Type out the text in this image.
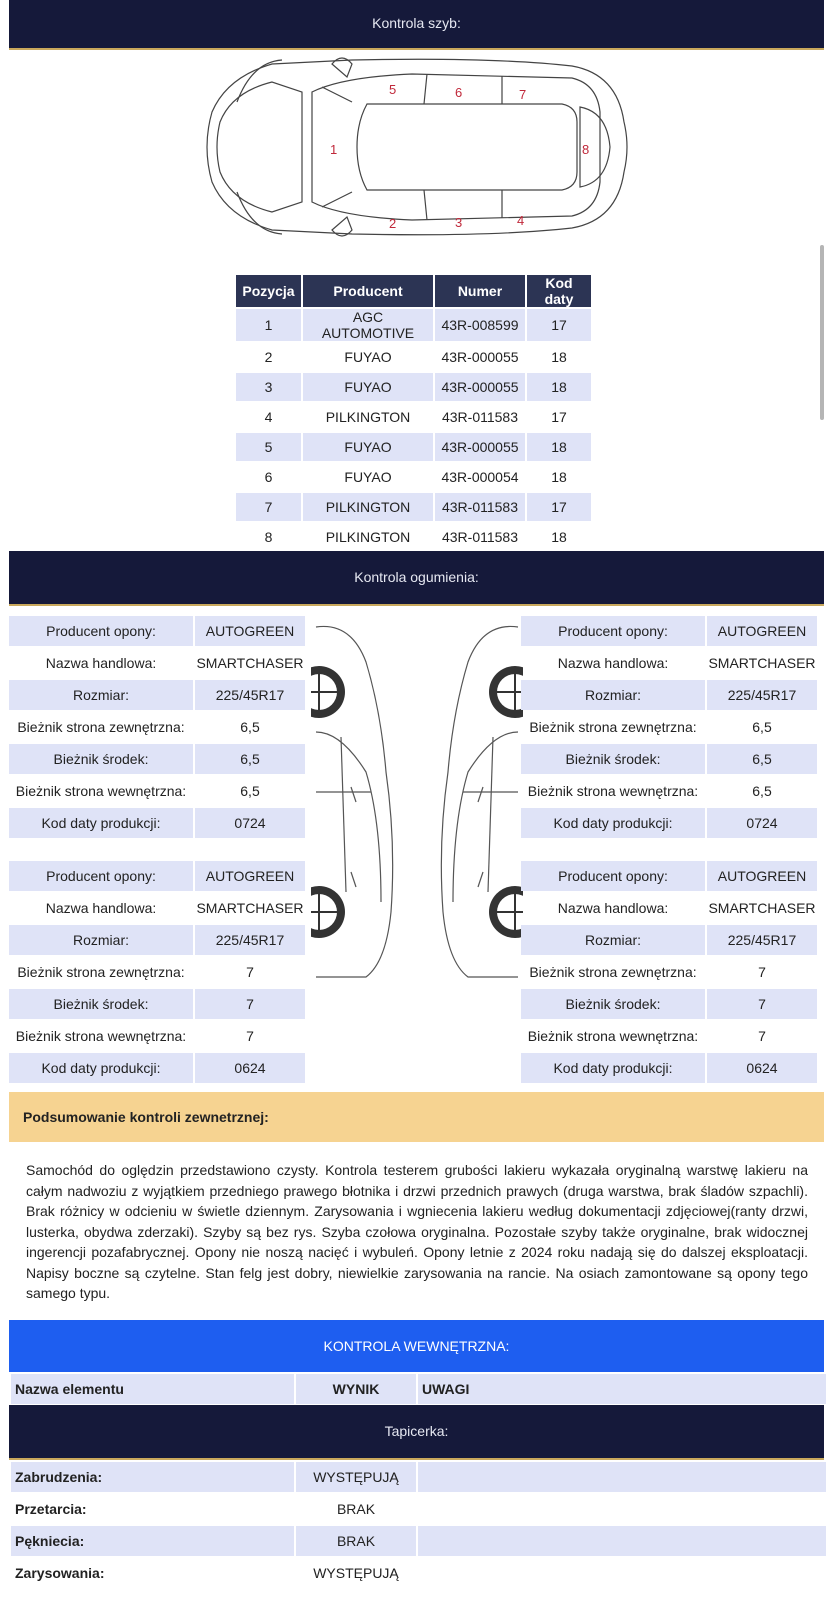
Kontrola szyb:
1
2	3	4
5	6	7
8
Pozycja	Producent	Numer	Kod daty
1	AGC AUTOMOTIVE	43R-008599	17
2	FUYAO	43R-000055	18
3	FUYAO	43R-000055	18
4	PILKINGTON	43R-011583	17
5	FUYAO	43R-000055	18
6	FUYAO	43R-000054	18
7	PILKINGTON	43R-011583	17
8	PILKINGTON	43R-011583	18
Kontrola ogumienia:
Producent opony:	AUTOGREEN
Nazwa handlowa:	SMARTCHASER
Rozmiar:	225/45R17
Bieżnik strona zewnętrzna:	6,5
Bieżnik środek:	6,5
Bieżnik strona wewnętrzna:	6,5
Kod daty produkcji:	0724
Producent opony:	AUTOGREEN
Nazwa handlowa:	SMARTCHASER
Rozmiar:	225/45R17
Bieżnik strona zewnętrzna:	6,5
Bieżnik środek:	6,5
Bieżnik strona wewnętrzna:	6,5
Kod daty produkcji:	0724
Producent opony:	AUTOGREEN
Nazwa handlowa:	SMARTCHASER
Rozmiar:	225/45R17
Bieżnik strona zewnętrzna:	7
Bieżnik środek:	7
Bieżnik strona wewnętrzna:	7
Kod daty produkcji:	0624
Producent opony:	AUTOGREEN
Nazwa handlowa:	SMARTCHASER
Rozmiar:	225/45R17
Bieżnik strona zewnętrzna:	7
Bieżnik środek:	7
Bieżnik strona wewnętrzna:	7
Kod daty produkcji:	0624
Podsumowanie kontroli zewnetrznej:
Samochód do oględzin przedstawiono czysty. Kontrola testerem grubości lakieru wykazała oryginalną warstwę lakieru na całym nadwoziu z wyjątkiem przedniego prawego błotnika i drzwi przednich prawych (druga warstwa, brak śladów szpachli). Brak różnicy w odcieniu w świetle dziennym. Zarysowania i wgniecenia lakieru według dokumentacji zdjęciowej(ranty drzwi, lusterka, obydwa zderzaki). Szyby są bez rys. Szyba czołowa oryginalna. Pozostałe szyby także oryginalne, brak widocznej ingerencji pozafabrycznej. Opony nie noszą nacięć i wybuleń. Opony letnie z 2024 roku nadają się do dalszej eksploatacji. Napisy boczne są czytelne. Stan felg jest dobry, niewielkie zarysowania na rancie. Na osiach zamontowane są opony tego samego typu.
KONTROLA WEWNĘTRZNA:
Nazwa elementu	WYNIK	UWAGI
Tapicerka:
Zabrudzenia:	WYSTĘPUJĄ	
Przetarcia:	BRAK	
Pękniecia:	BRAK	
Zarysowania:	WYSTĘPUJĄ	
